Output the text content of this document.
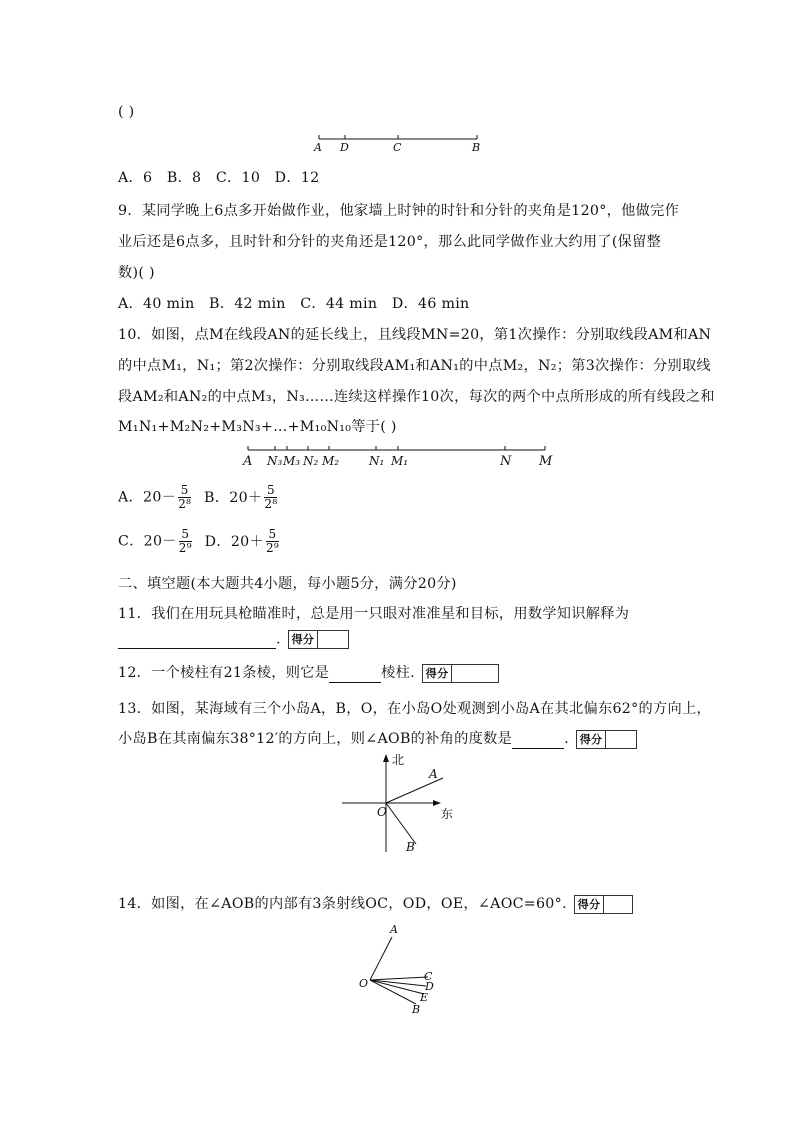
( )
A D	C	B
A．6　B．8　C．10　D．12
9．某同学晚上6点多开始做作业，他家墙上时钟的时针和分针的夹角是120°，他做完作
业后还是6点多，且时针和分针的夹角还是120°，那么此同学做作业大约用了(保留整
数)( )
A．40 min　B．42 min　C．44 min　D．46 min
10．如图，点M在线段AN的延长线上，且线段MN=20，第1次操作：分别取线段AM和AN
的中点M₁，N₁；第2次操作：分别取线段AM₁和AN₁的中点M₂，N₂；第3次操作：分别取线
段AM₂和AN₂的中点M₃，N₃……连续这样操作10次，每次的两个中点所形成的所有线段之和
M₁N₁+M₂N₂+M₃N₃+…+M₁₀N₁₀等于( )
A N₃ M₃ N₂ M₂ N₁ M₁	N M
A．$20- \frac{5}{\text{2⁸}}$ B．$20+ \frac{5}{\text{2⁸}}$
C．$20- \frac{5}{\text{2⁹}}$ D．$20+ \frac{5}{\text{2⁹}}$
二、填空题(本大题共4小题，每小题5分，满分20分)
11．我们在用玩具枪瞄准时，总是用一只眼对准准星和目标，用数学知识解释为
. 得分
12．一个棱柱有21条棱，则它是	棱柱. 得分
13．如图，某海域有三个小岛A，B，O，在小岛O处观测到小岛A在其北偏东62°的方向上，
小岛B在其南偏东38°12′的方向上，则∠AOB的补角的度数是	. 得分
北
东
A
O
B
14．如图，在∠AOB的内部有3条射线OC，OD，OE，∠AOC=60°. 得分
A
O
C
D
E
B
